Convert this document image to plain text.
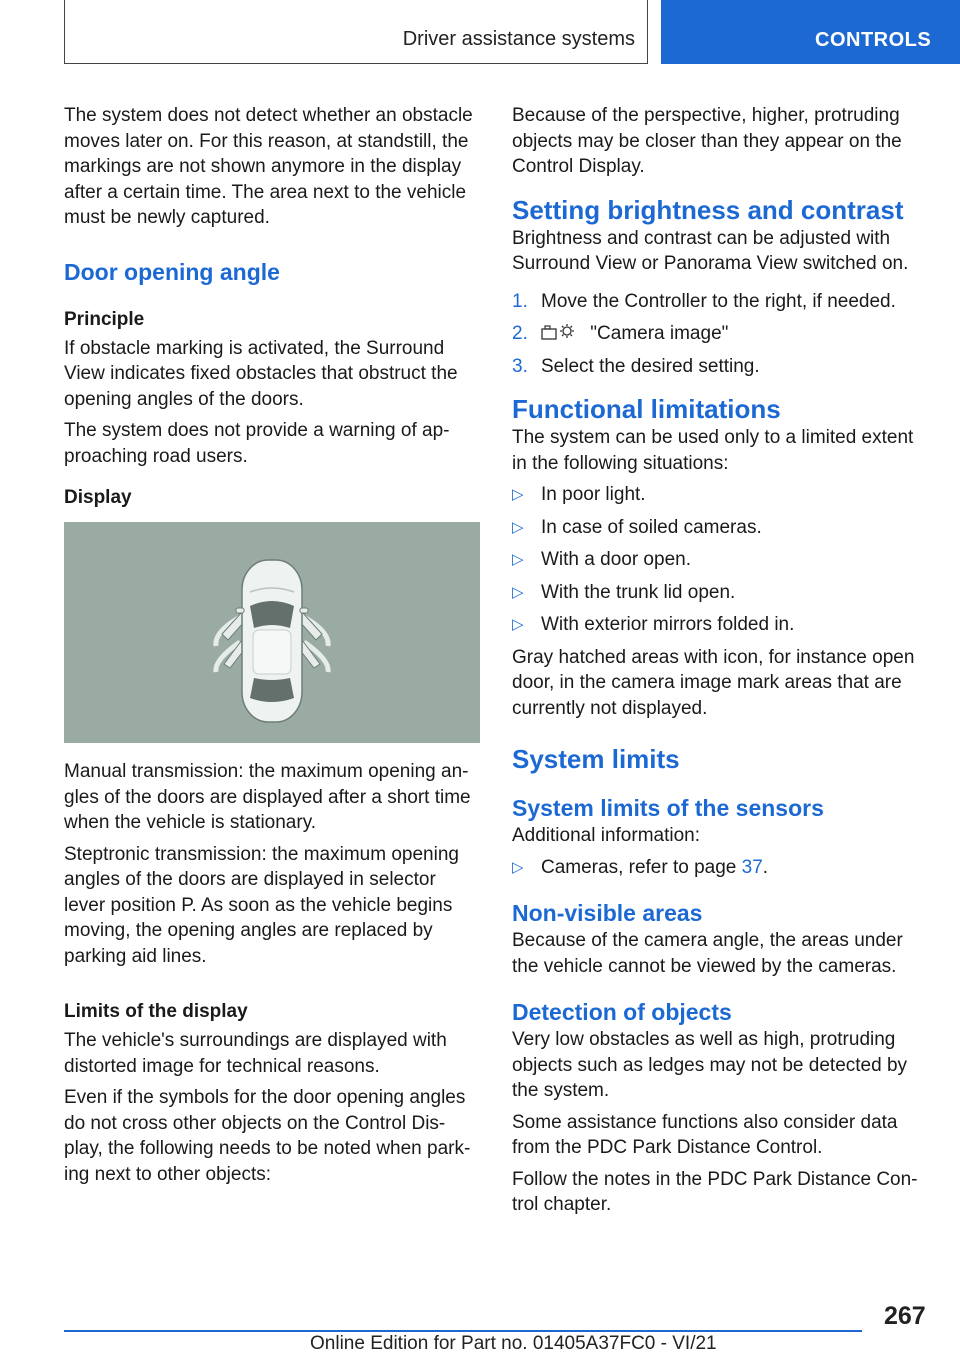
Driver assistance systems	CONTROLS

The system does not detect whether an obstacle moves later on. For this reason, at standstill, the markings are not shown anymore in the display after a certain time. The area next to the vehicle must be newly captured.

Door opening angle
Principle

If obstacle marking is activated, the Surround View indicates fixed obstacles that obstruct the opening angles of the doors.

The system does not provide a warning of ap-proaching road users.

Display

Manual transmission: the maximum opening an-gles of the doors are displayed after a short time when the vehicle is stationary.

Steptronic transmission: the maximum opening angles of the doors are displayed in selector lever position P. As soon as the vehicle begins moving, the opening angles are replaced by parking aid lines.

Limits of the display

The vehicle's surroundings are displayed with distorted image for technical reasons.

Even if the symbols for the door opening angles do not cross other objects on the Control Dis-play, the following needs to be noted when park-ing next to other objects:

Because of the perspective, higher, protruding objects may be closer than they appear on the Control Display.

Setting brightness and contrast

Brightness and contrast can be adjusted with Surround View or Panorama View switched on.

1. Move the Controller to the right, if needed.
2.	"Camera image"
3. Select the desired setting.
Functional limitations

The system can be used only to a limited extent in the following situations:

▷ In poor light.
▷ In case of soiled cameras.
▷ With a door open.
▷ With the trunk lid open.
▷ With exterior mirrors folded in.

Gray hatched areas with icon, for instance open door, in the camera image mark areas that are currently not displayed.

System limits
System limits of the sensors

Additional information:

▷ Cameras, refer to page 37.
Non-visible areas

Because of the camera angle, the areas under the vehicle cannot be viewed by the cameras.

Detection of objects

Very low obstacles as well as high, protruding objects such as ledges may not be detected by the system.

Some assistance functions also consider data from the PDC Park Distance Control.

Follow the notes in the PDC Park Distance Con-trol chapter.

267
Online Edition for Part no. 01405A37FC0 - VI/21
